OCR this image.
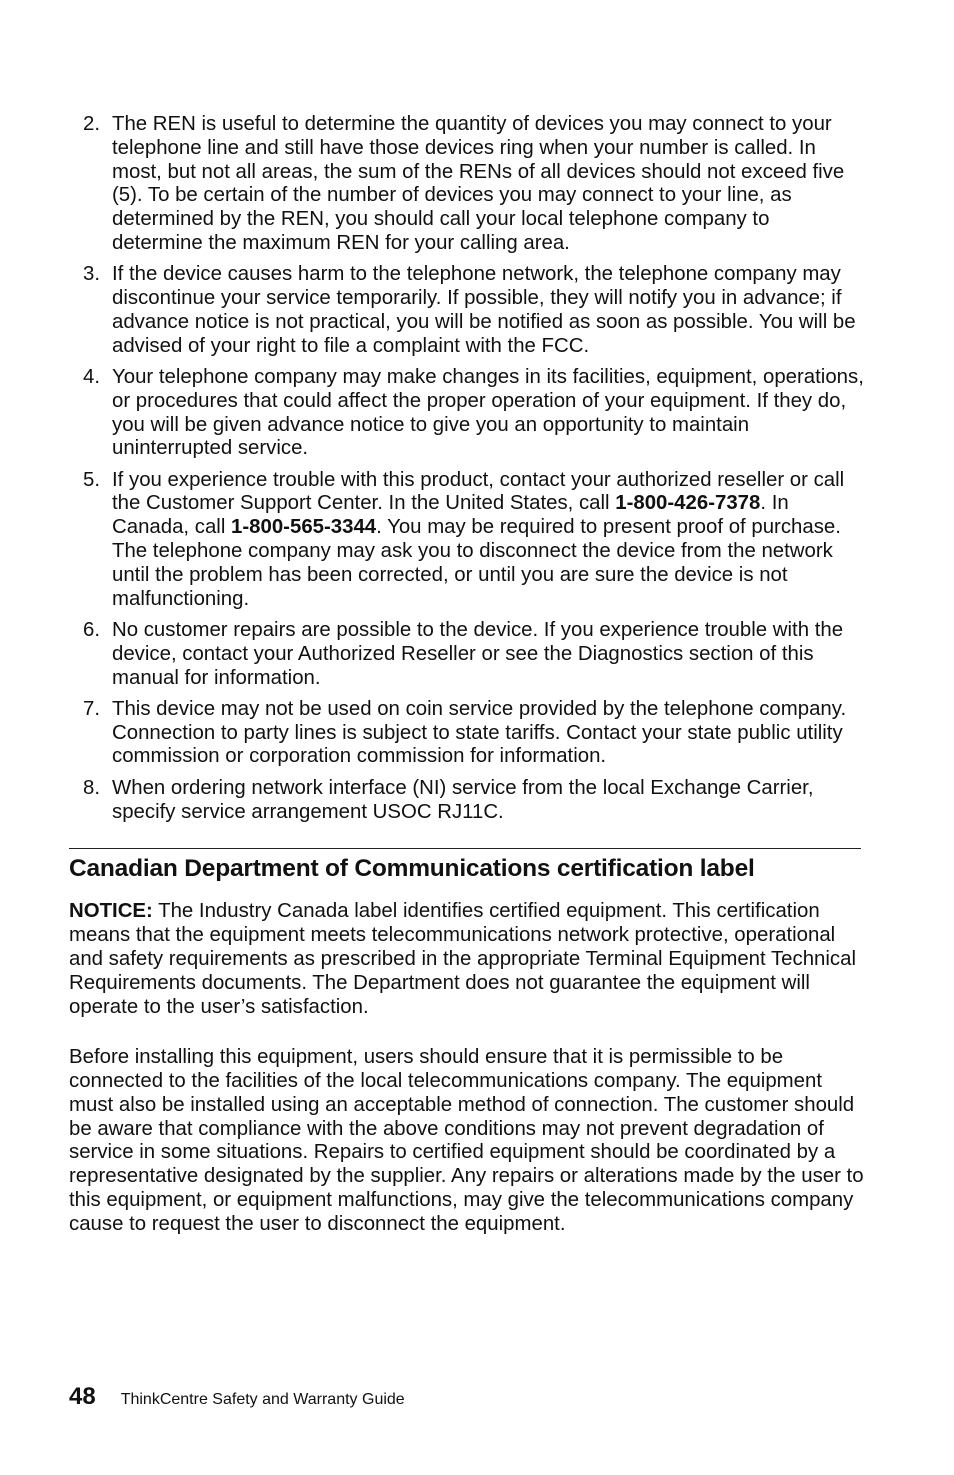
2. The REN is useful to determine the quantity of devices you may connect to your telephone line and still have those devices ring when your number is called. In most, but not all areas, the sum of the RENs of all devices should not exceed five (5). To be certain of the number of devices you may connect to your line, as determined by the REN, you should call your local telephone company to determine the maximum REN for your calling area.
3. If the device causes harm to the telephone network, the telephone company may discontinue your service temporarily. If possible, they will notify you in advance; if advance notice is not practical, you will be notified as soon as possible. You will be advised of your right to file a complaint with the FCC.
4. Your telephone company may make changes in its facilities, equipment, operations, or procedures that could affect the proper operation of your equipment. If they do, you will be given advance notice to give you an opportunity to maintain uninterrupted service.
5. If you experience trouble with this product, contact your authorized reseller or call the Customer Support Center. In the United States, call 1-800-426-7378. In Canada, call 1-800-565-3344. You may be required to present proof of purchase. The telephone company may ask you to disconnect the device from the network until the problem has been corrected, or until you are sure the device is not malfunctioning.
6. No customer repairs are possible to the device. If you experience trouble with the device, contact your Authorized Reseller or see the Diagnostics section of this manual for information.
7. This device may not be used on coin service provided by the telephone company. Connection to party lines is subject to state tariffs. Contact your state public utility commission or corporation commission for information.
8. When ordering network interface (NI) service from the local Exchange Carrier, specify service arrangement USOC RJ11C.
Canadian Department of Communications certification label

NOTICE: The Industry Canada label identifies certified equipment. This certification means that the equipment meets telecommunications network protective, operational and safety requirements as prescribed in the appropriate Terminal Equipment Technical Requirements documents. The Department does not guarantee the equipment will operate to the user’s satisfaction.

Before installing this equipment, users should ensure that it is permissible to be connected to the facilities of the local telecommunications company. The equipment must also be installed using an acceptable method of connection. The customer should be aware that compliance with the above conditions may not prevent degradation of service in some situations. Repairs to certified equipment should be coordinated by a representative designated by the supplier. Any repairs or alterations made by the user to this equipment, or equipment malfunctions, may give the telecommunications company cause to request the user to disconnect the equipment.

48 ThinkCentre Safety and Warranty Guide
